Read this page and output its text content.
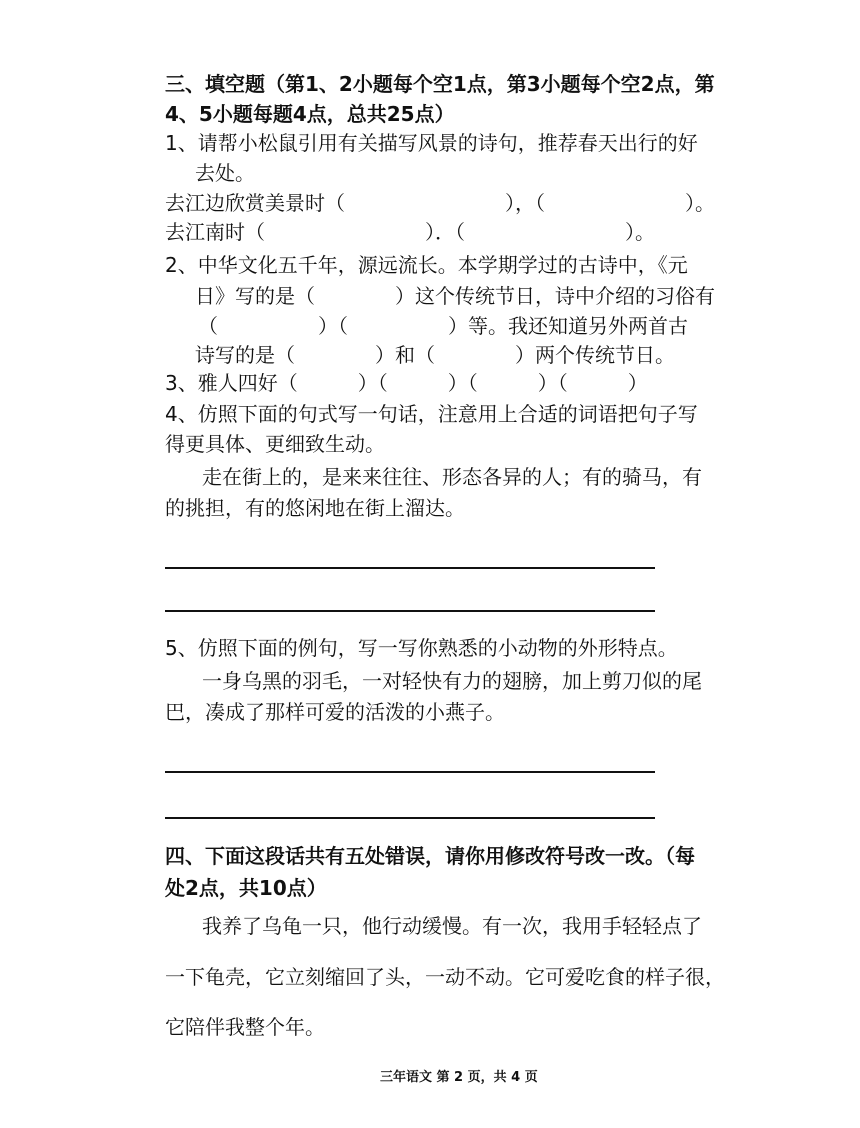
三、填空题（第1、2小题每个空1点，第3小题每个空2点，第
4、5小题每题4点，总共25点）
1、请帮小松鼠引用有关描写风景的诗句，推荐春天出行的好
去处。
去江边欣赏美景时（　　　　　　　　），（　　　　　　　）。
去江南时（　　　　　　　　）．（　　　　　　　　）。
2、中华文化五千年，源远流长。本学期学过的古诗中，《元
日》写的是（　　　　）这个传统节日，诗中介绍的习俗有
（　　　　　）（　　　　　）等。我还知道另外两首古
诗写的是（　　　　）和（　　　　）两个传统节日。
3、雅人四好（　　　）（　　　）（　　　）（　　　）
4、仿照下面的句式写一句话，注意用上合适的词语把句子写
得更具体、更细致生动。
走在街上的，是来来往往、形态各异的人；有的骑马，有
的挑担，有的悠闲地在街上溜达。
5、仿照下面的例句，写一写你熟悉的小动物的外形特点。
一身乌黑的羽毛，一对轻快有力的翅膀，加上剪刀似的尾
巴，凑成了那样可爱的活泼的小燕子。
四、下面这段话共有五处错误，请你用修改符号改一改。（每
处2点，共10点）
我养了乌龟一只，他行动缓慢。有一次，我用手轻轻点了
一下龟壳，它立刻缩回了头，一动不动。它可爱吃食的样子很，
它陪伴我整个年。
三年语文 第 2 页，共 4 页
